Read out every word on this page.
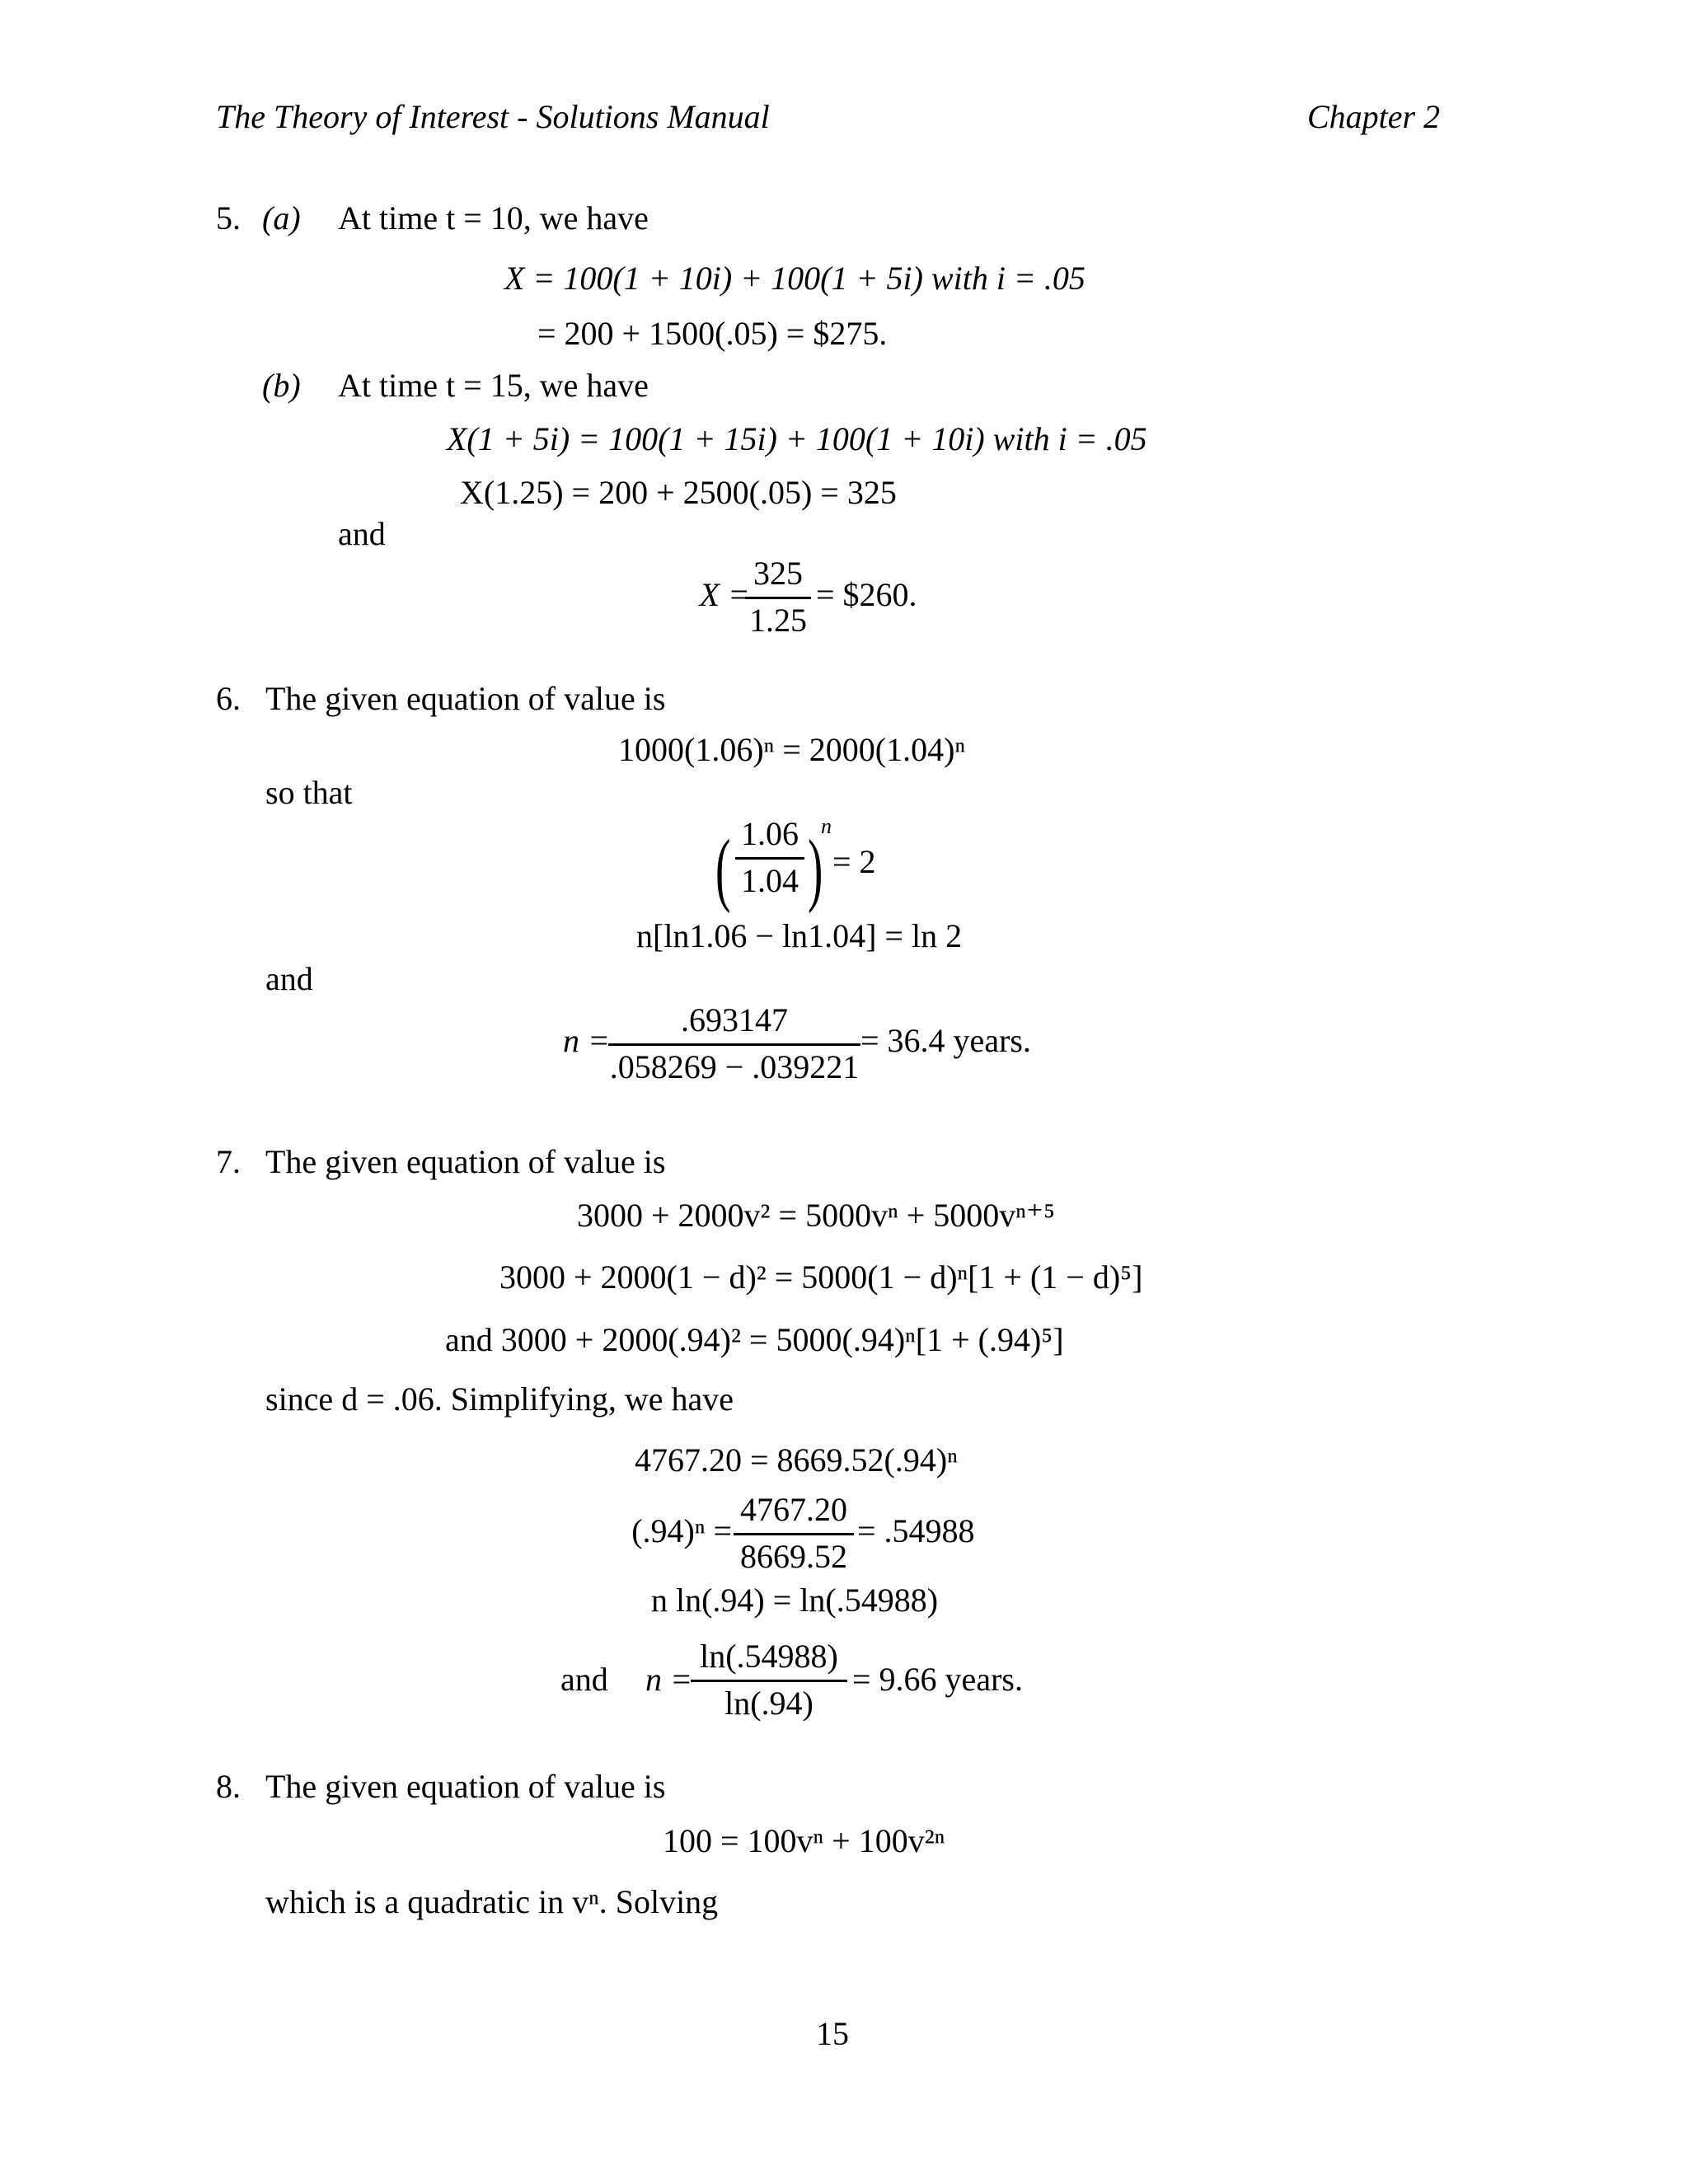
The Theory of Interest - Solutions Manual	Chapter 2
5. (a) At time t = 10, we have
X = 100(1 + 10i) + 100(1 + 5i) with i = .05
= 200 + 1500(.05) = $275.
(b) At time t = 15, we have
X(1 + 5i) = 100(1 + 15i) + 100(1 + 10i) with i = .05
X(1.25) = 200 + 2500(.05) = 325
and
X =
$\frac{325}{1.25}$ = $260.
6. The given equation of value is
1000(1.06)ⁿ = 2000(1.04)ⁿ
so that
( $\frac{1.06}{1.04}$ )
n
= 2
n[ln1.06 − ln1.04] = ln 2
and
n =
$\frac{.693147}{.058269 - .039221} = 36.4$ years.
7. The given equation of value is
3000 + 2000v² = 5000vⁿ + 5000vⁿ⁺⁵
3000 + 2000(1 − d)² = 5000(1 − d)ⁿ[1 + (1 − d)⁵]
and 3000 + 2000(.94)² = 5000(.94)ⁿ[1 + (.94)⁵]
since d = .06. Simplifying, we have
4767.20 = 8669.52(.94)ⁿ
$(.94)^n = \frac{4767.20}{8669.52} = .54988$
n ln(.94) = ln(.54988)
and	n =
$\frac{\ln(.54988)}{\ln(.94)} = 9.66$ years.
8. The given equation of value is
100 = 100vⁿ + 100v²ⁿ
which is a quadratic in vⁿ. Solving
15
